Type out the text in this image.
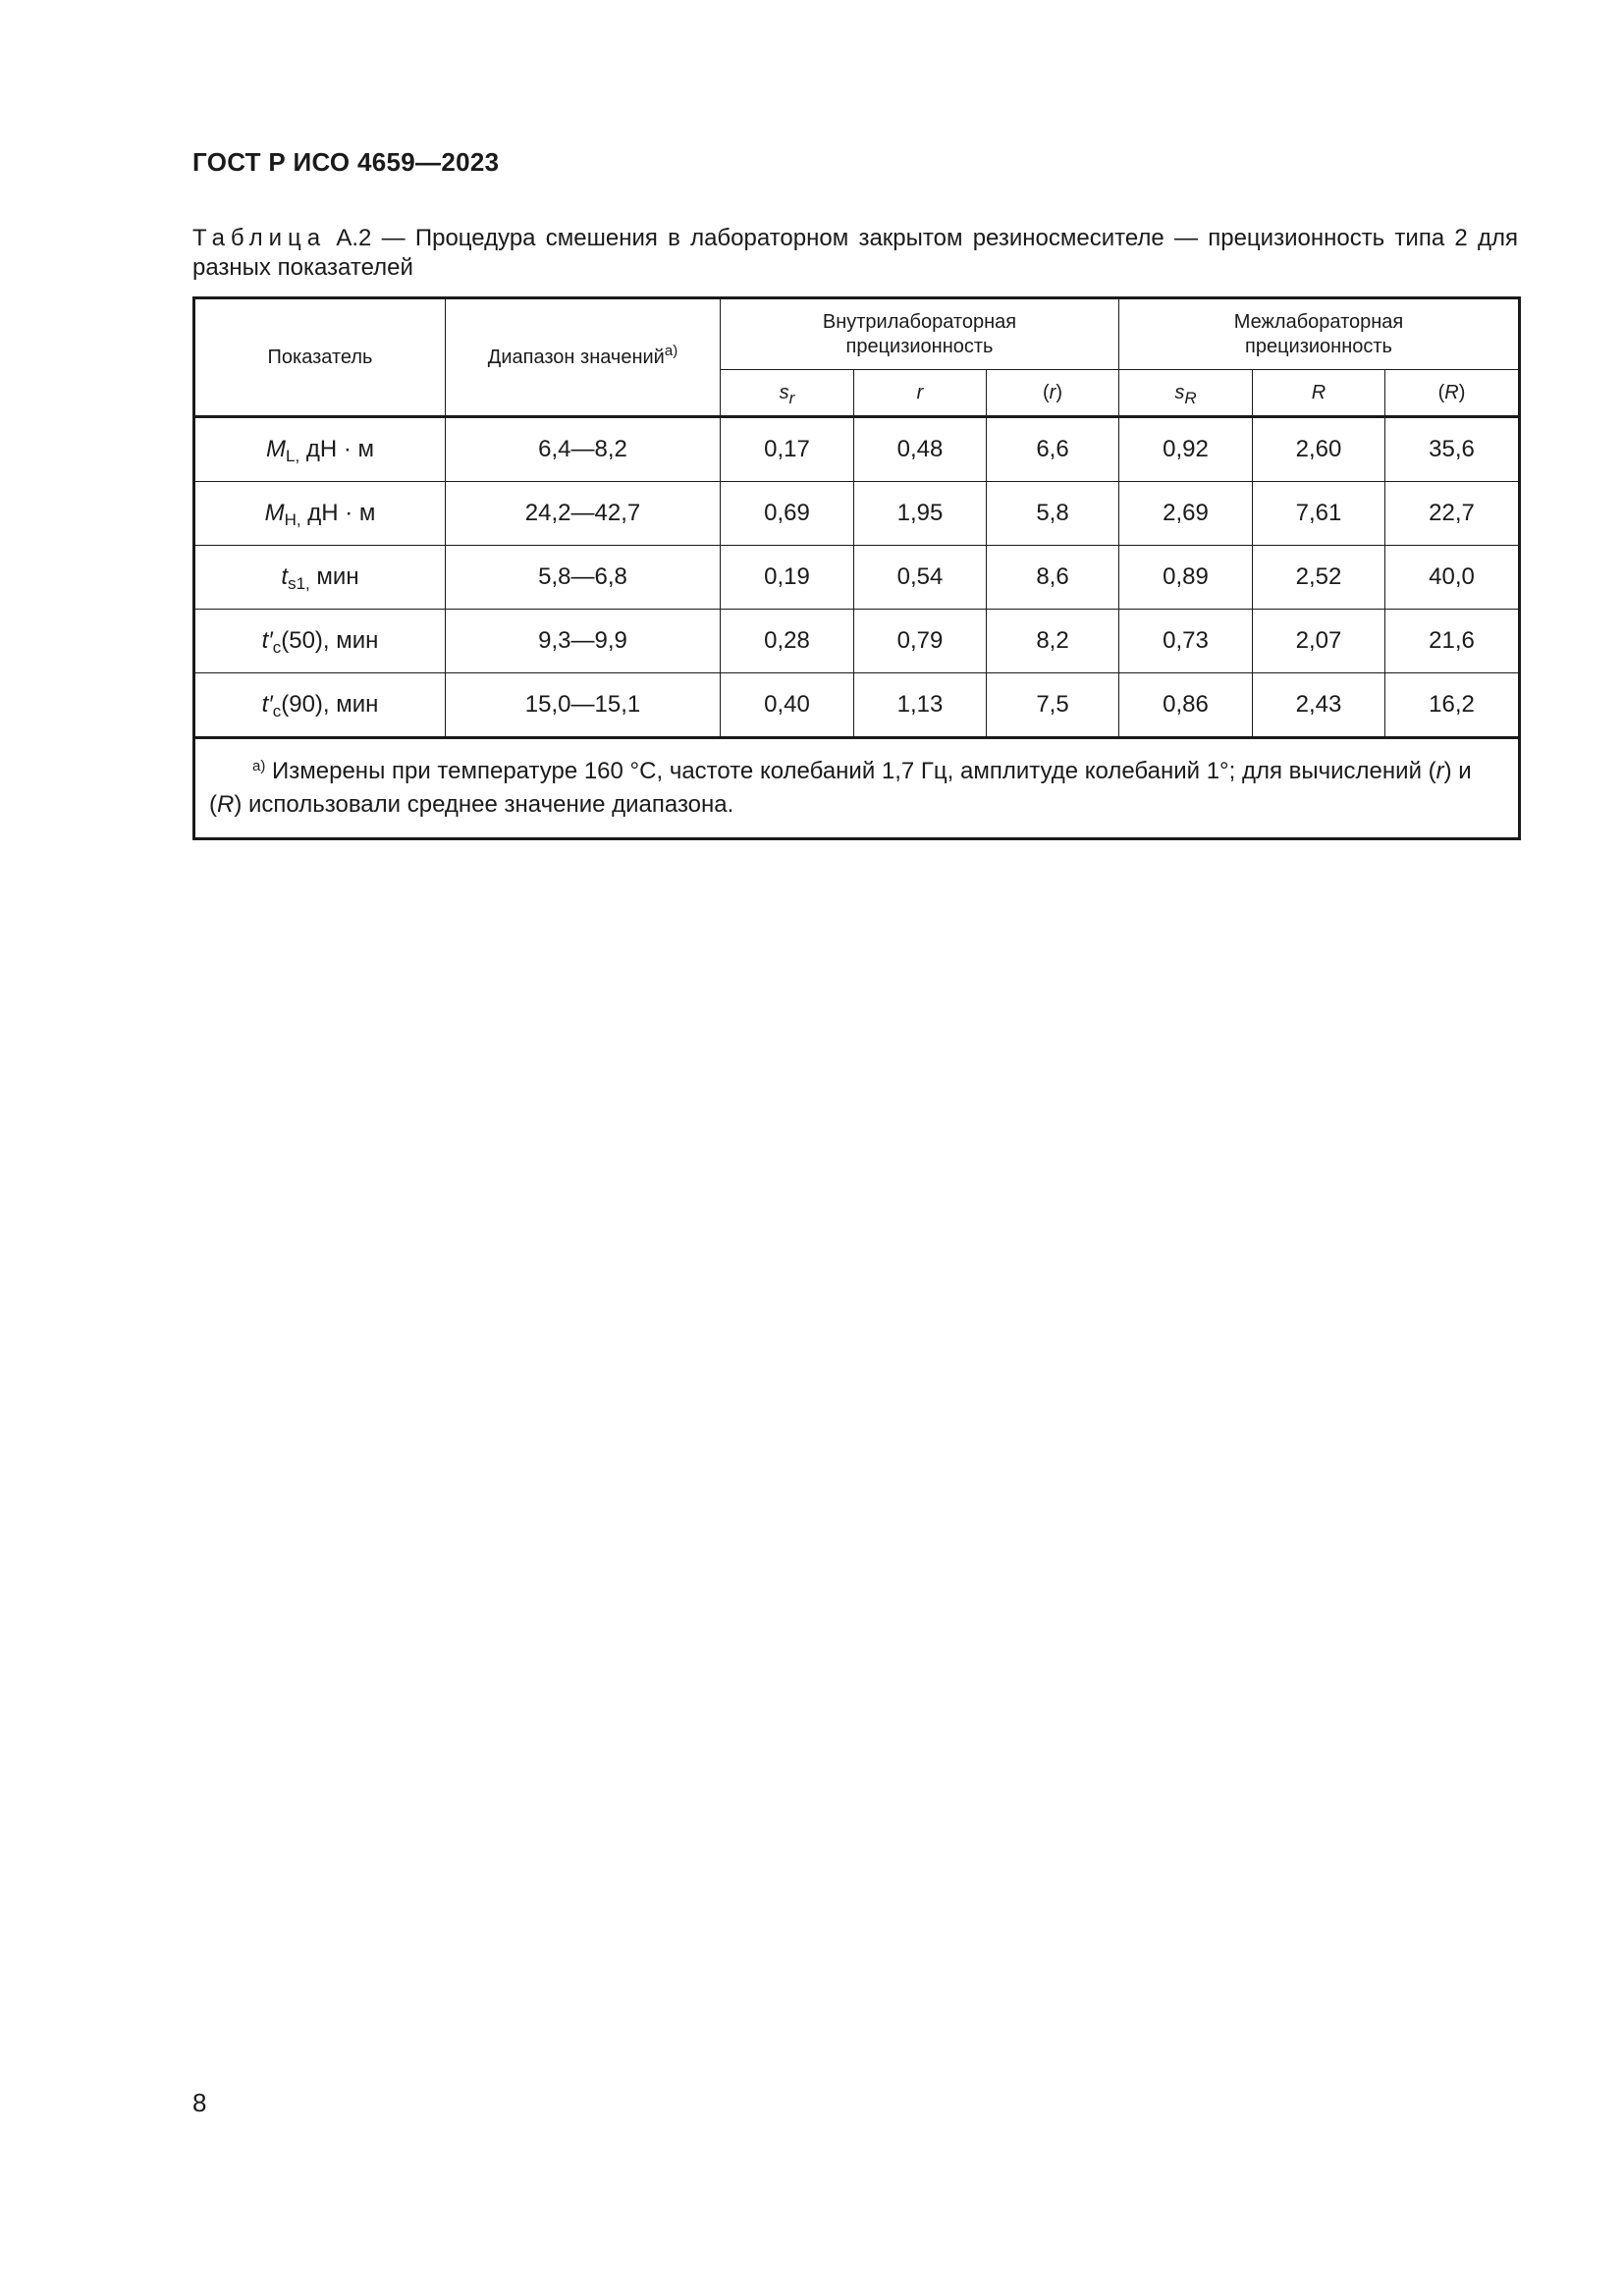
ГОСТ Р ИСО 4659—2023
Таблица А.2 — Процедура смешения в лабораторном закрытом резиносмесителе — прецизионность типа 2 для разных показателей
Показатель	Диапазон значений$^{a)}$	Внутрилабораторная прецизионность			Межлабораторная прецизионность		
		$s_r$	r	(r)	$s_R$	R	(R)
$M_{L,}$ дН · м	6,4—8,2	0,17	0,48	6,6	0,92	2,60	35,6
$M_{H,}$ дН · м	24,2—42,7	0,69	1,95	5,8	2,69	7,61	22,7
$t_{s1,}$ мин	5,8—6,8	0,19	0,54	8,6	0,89	2,52	40,0
$t'_c(50)$, мин	9,3—9,9	0,28	0,79	8,2	0,73	2,07	21,6
$t'_c(90)$, мин	15,0—15,1	0,40	1,13	7,5	0,86	2,43	16,2
$^{a)}$ Измерены при температуре 160 °C, частоте колебаний 1,7 Гц, амплитуде колебаний 1°; для вычислений (r) и (R) использовали среднее значение диапазона.							
8
